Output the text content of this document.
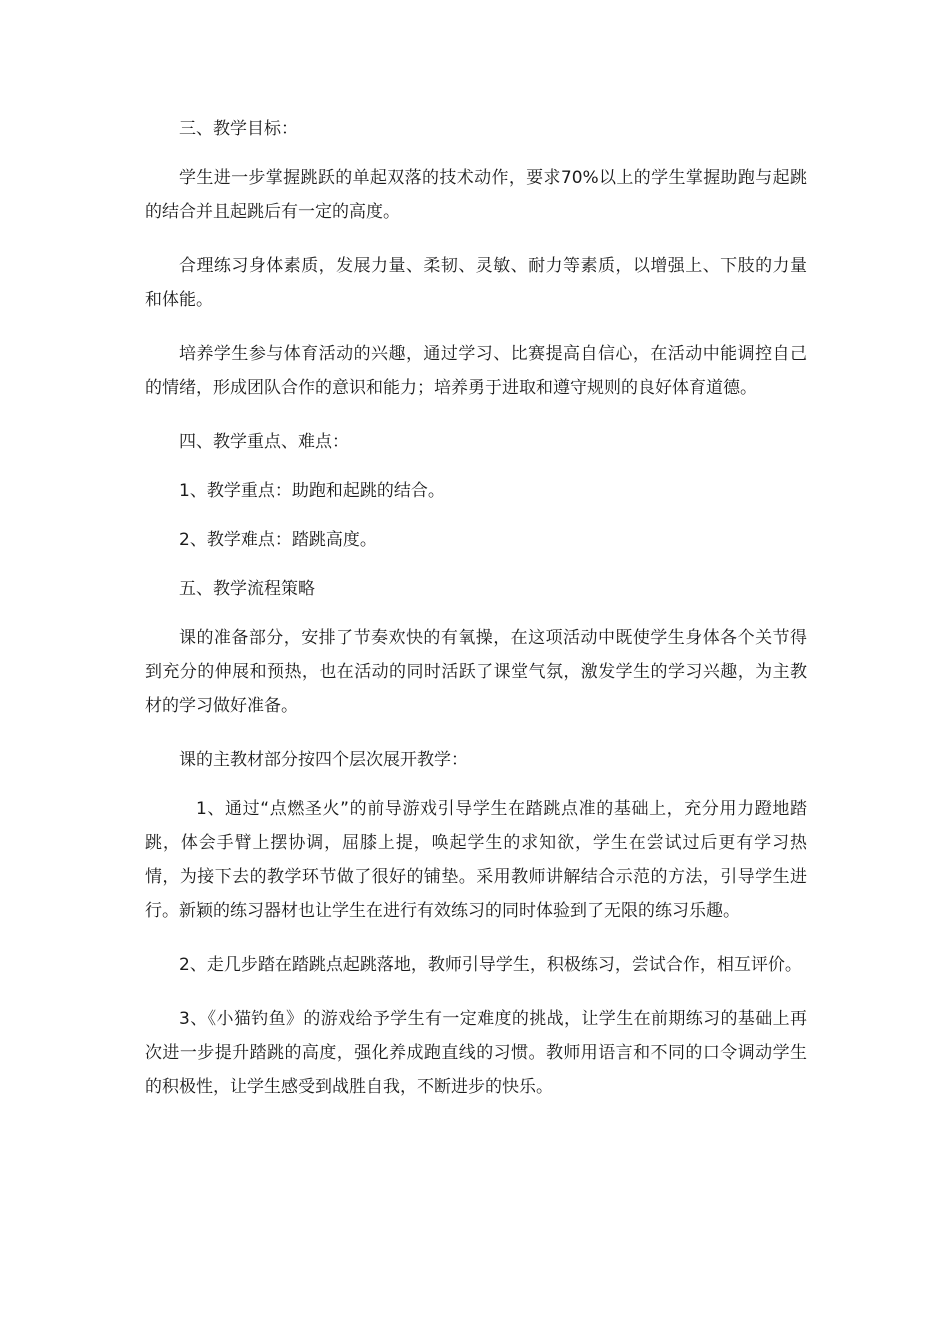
三、教学目标：

学生进一步掌握跳跃的单起双落的技术动作，要求70%以上的学生掌握助跑与起跳的结合并且起跳后有一定的高度。

合理练习身体素质，发展力量、柔韧、灵敏、耐力等素质，以增强上、下肢的力量和体能。

培养学生参与体育活动的兴趣，通过学习、比赛提高自信心，在活动中能调控自己的情绪，形成团队合作的意识和能力；培养勇于进取和遵守规则的良好体育道德。

四、教学重点、难点：

1、教学重点：助跑和起跳的结合。

2、教学难点：踏跳高度。

五、教学流程策略

课的准备部分，安排了节奏欢快的有氧操，在这项活动中既使学生身体各个关节得到充分的伸展和预热，也在活动的同时活跃了课堂气氛，激发学生的学习兴趣，为主教材的学习做好准备。

课的主教材部分按四个层次展开教学：

1、通过“点燃圣火”的前导游戏引导学生在踏跳点准的基础上，充分用力蹬地踏跳，体会手臂上摆协调，屈膝上提，唤起学生的求知欲，学生在尝试过后更有学习热情，为接下去的教学环节做了很好的铺垫。采用教师讲解结合示范的方法，引导学生进行。新颖的练习器材也让学生在进行有效练习的同时体验到了无限的练习乐趣。

2、走几步踏在踏跳点起跳落地，教师引导学生，积极练习，尝试合作，相互评价。

3、《小猫钓鱼》的游戏给予学生有一定难度的挑战，让学生在前期练习的基础上再次进一步提升踏跳的高度，强化养成跑直线的习惯。教师用语言和不同的口令调动学生的积极性，让学生感受到战胜自我，不断进步的快乐。
